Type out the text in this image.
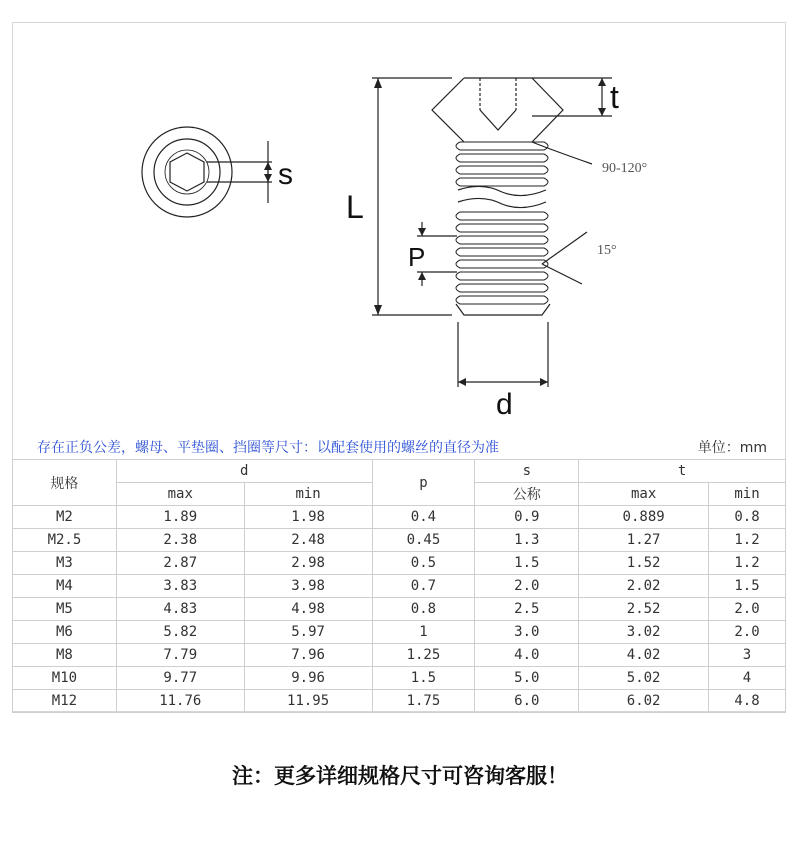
s
L
t
P
d
90-120°
15°
存在正负公差，螺母、平垫圈、挡圈等尺寸：以配套使用的螺丝的直径为准	单位：mm
规格	d		p	s	t	
	max	min		公称	max	min
M2	1.89	1.98	0.4	0.9	0.889	0.8
M2.5	2.38	2.48	0.45	1.3	1.27	1.2
M3	2.87	2.98	0.5	1.5	1.52	1.2
M4	3.83	3.98	0.7	2.0	2.02	1.5
M5	4.83	4.98	0.8	2.5	2.52	2.0
M6	5.82	5.97	1	3.0	3.02	2.0
M8	7.79	7.96	1.25	4.0	4.02	3
M10	9.77	9.96	1.5	5.0	5.02	4
M12	11.76	11.95	1.75	6.0	6.02	4.8
注：更多详细规格尺寸可咨询客服！
